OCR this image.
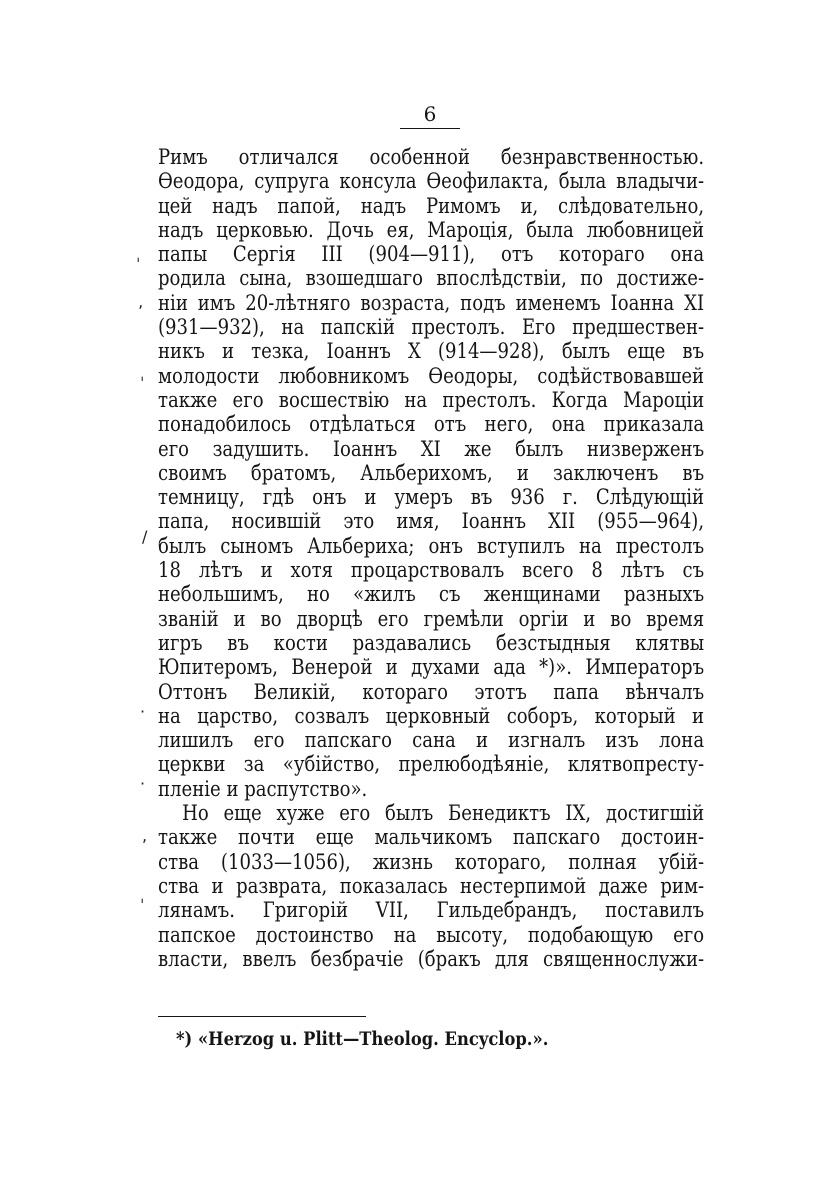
6
Римъ отличался особенной безнравственностью.
Өеодора, супруга консула Өеофилакта, была владычи-
цей надъ папой, надъ Римомъ и, слѣдовательно,
надъ церковью. Дочь ея, Мароція, была любовницей
папы Сергія III (904—911), отъ котораго она
родила сына, взошедшаго впослѣдствіи, по достиже-
ніи имъ 20-лѣтняго возраста, подъ именемъ Іоанна XI
(931—932), на папскій престолъ. Его предшествен-
никъ и тезка, Іоаннъ X (914—928), былъ еще въ
молодости любовникомъ Өеодоры, содѣйствовавшей
также его восшествію на престолъ. Когда Мароціи
понадобилось отдѣлаться отъ него, она приказала
его задушить. Іоаннъ XI же былъ низверженъ
своимъ братомъ, Альберихомъ, и заключенъ въ
темницу, гдѣ онъ и умеръ въ 936 г. Слѣдующій
папа, носившій это имя, Іоаннъ XII (955—964),
былъ сыномъ Альбериха; онъ вступилъ на престолъ
18 лѣтъ и хотя процарствовалъ всего 8 лѣтъ съ
небольшимъ, но «жилъ съ женщинами разныхъ
званій и во дворцѣ его гремѣли оргіи и во время
игръ въ кости раздавались безстыдныя клятвы
Юпитеромъ, Венерой и духами ада *)». Императоръ
Оттонъ Великій, котораго этотъ папа вѣнчалъ
на царство, созвалъ церковный соборъ, который и
лишилъ его папскаго сана и изгналъ изъ лона
церкви за «убійство, прелюбодѣяніе, клятвопресту-
пленіе и распутство».
Но еще хуже его былъ Бенедиктъ IX, достигшій
также почти еще мальчикомъ папскаго достоин-
ства (1033—1056), жизнь котораго, полная убій-
ства и разврата, показалась нестерпимой даже рим-
лянамъ. Григорій VII, Гильдебрандъ, поставилъ
папское достоинство на высоту, подобающую его
власти, ввелъ безбрачіе (бракъ для священнослужи-
ˈ
ʼ
ˈ
/
·
·
,
ˈ
*) «Herzog u. Plitt—Theolog. Encyclop.».
